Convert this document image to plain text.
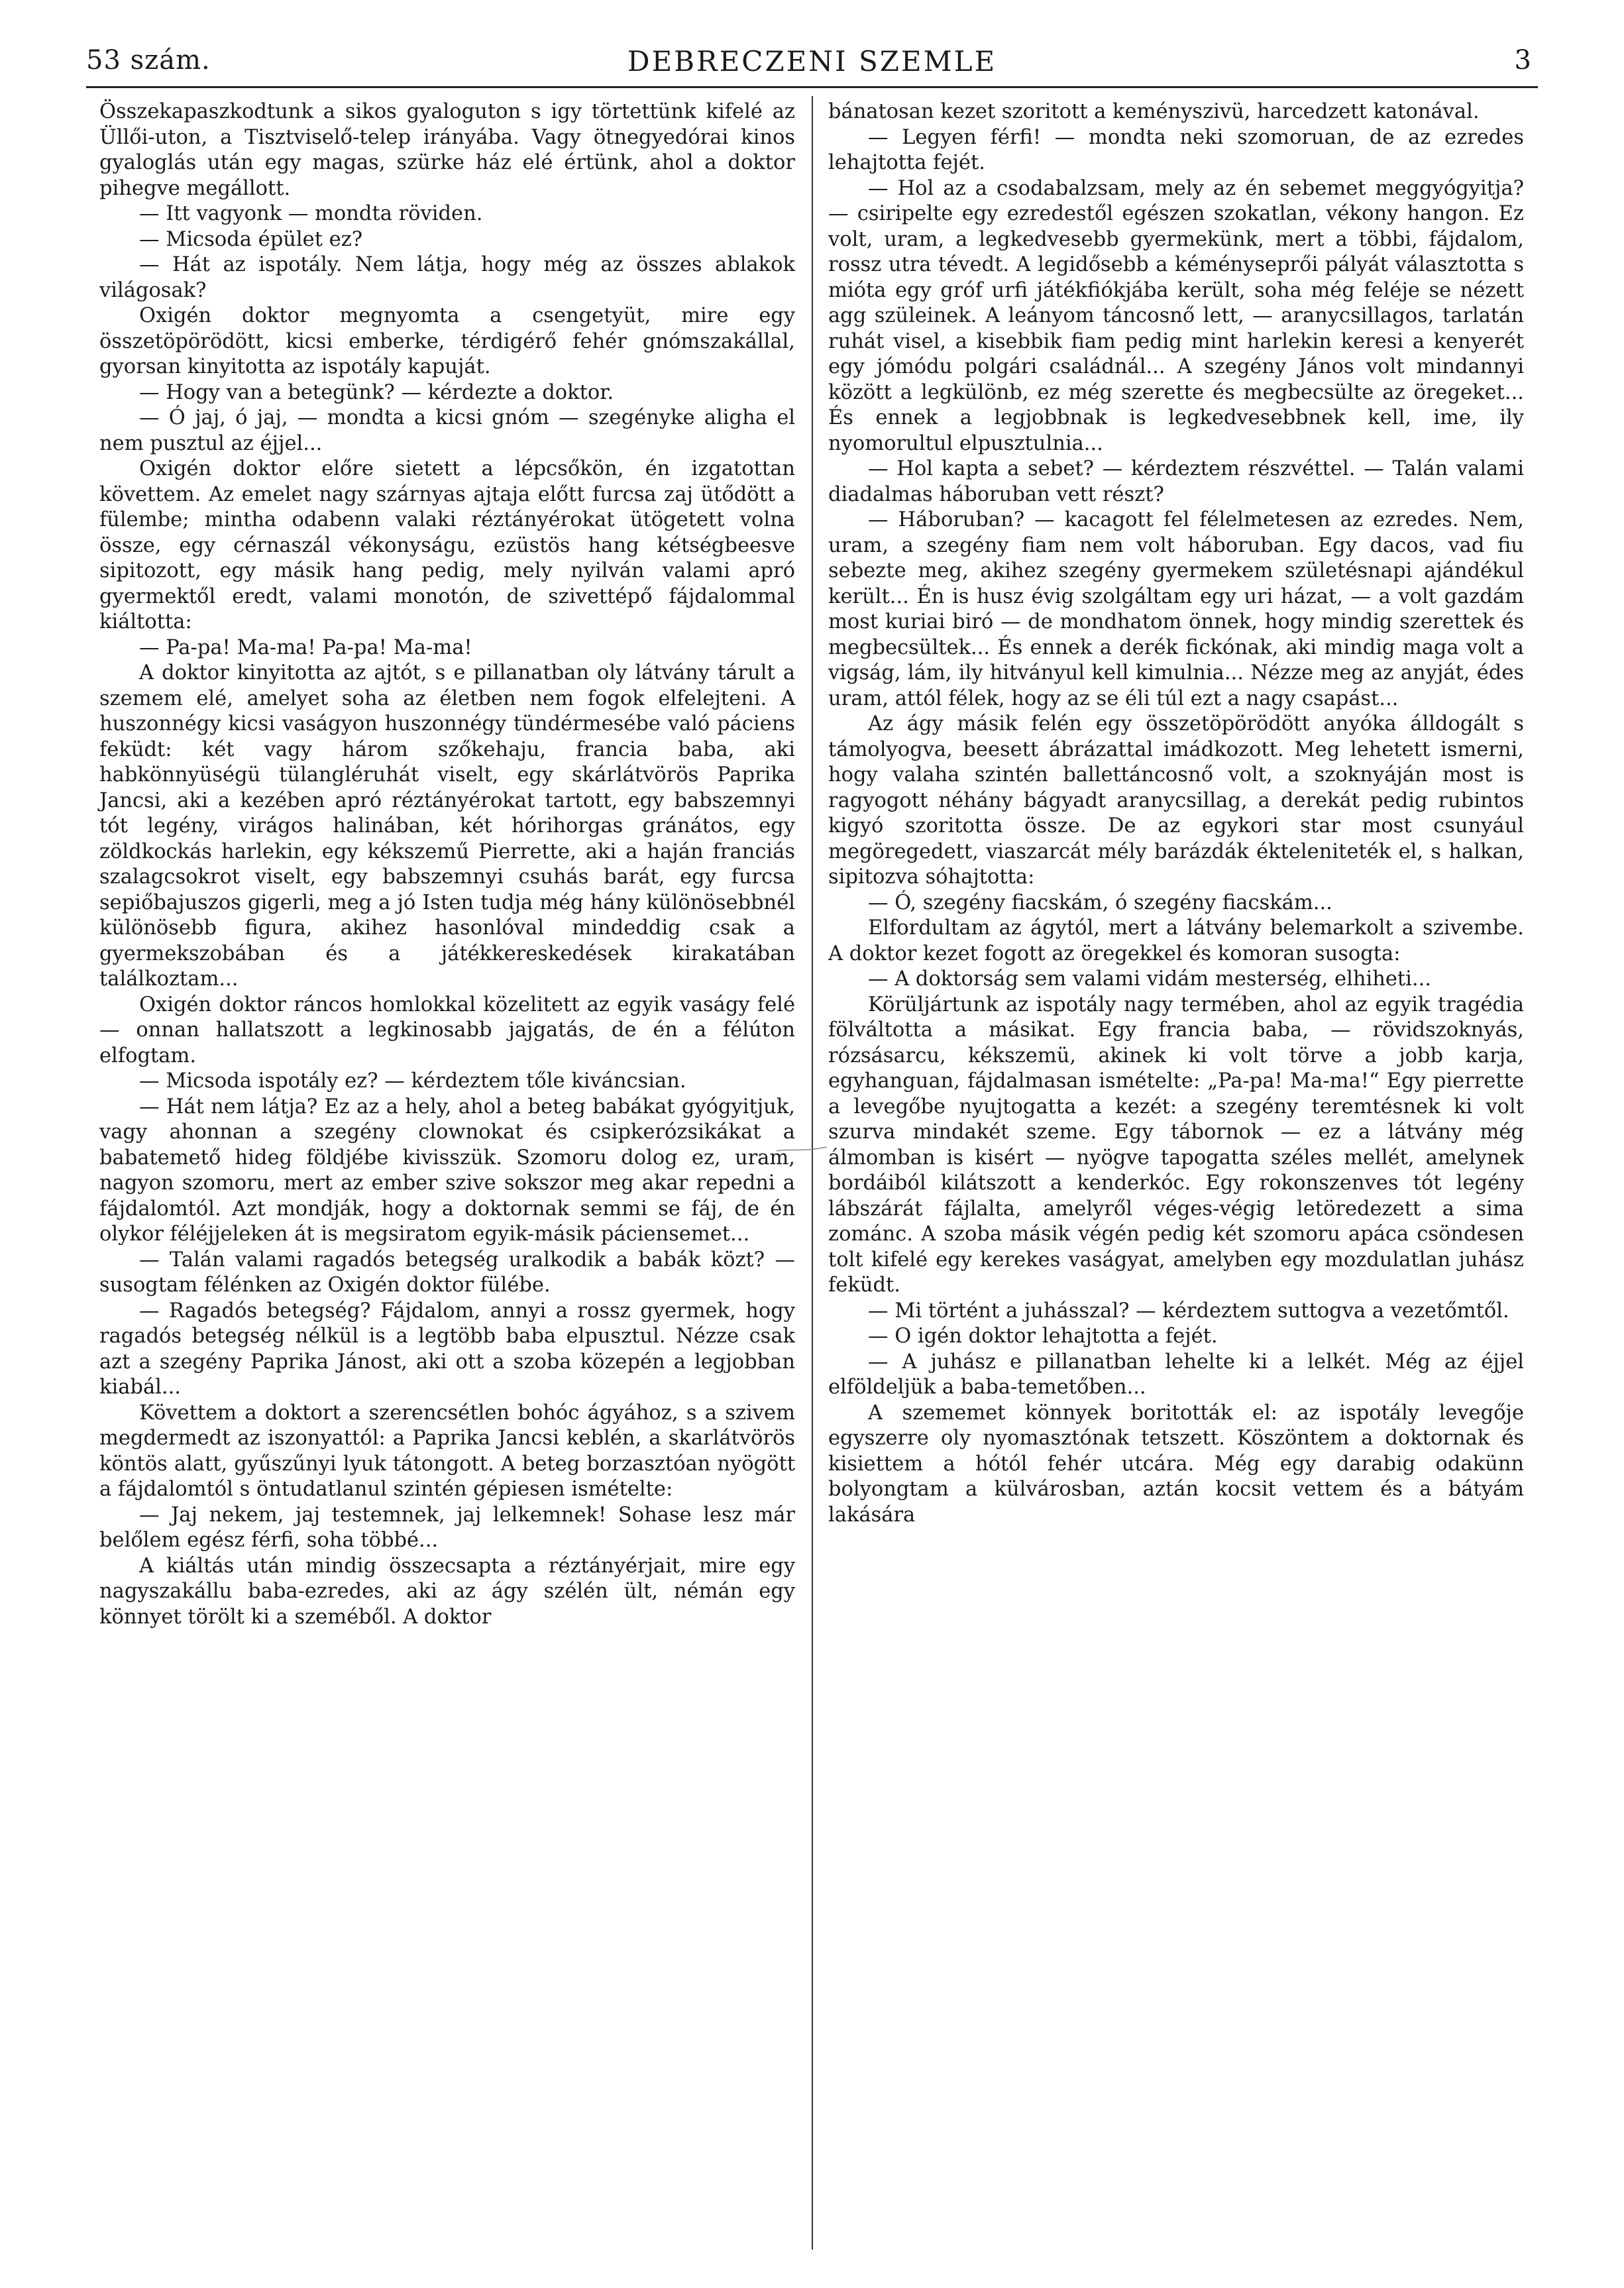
53 szám.	DEBRECZENI SZEMLE	3

Összekapaszkodtunk a sikos gyaloguton s igy törtettünk kifelé az Üllői-uton, a Tisztviselő-telep irányába. Vagy ötnegyedórai kinos gyaloglás után egy magas, szürke ház elé értünk, ahol a doktor pihegve megállott.

— Itt vagyonk — mondta röviden.

— Micsoda épület ez?

— Hát az ispotály. Nem látja, hogy még az összes ablakok világosak?

Oxigén doktor megnyomta a csengetyüt, mire egy összetöpörödött, kicsi emberke, térdigérő fehér gnómszakállal, gyorsan kinyitotta az ispotály kapuját.

— Hogy van a betegünk? — kérdezte a doktor.

— Ó jaj, ó jaj, — mondta a kicsi gnóm — szegényke aligha el nem pusztul az éjjel...

Oxigén doktor előre sietett a lépcsőkön, én izgatottan követtem. Az emelet nagy szárnyas ajtaja előtt furcsa zaj ütődött a fülembe; mintha odabenn valaki réztányérokat ütögetett volna össze, egy cérnaszál vékonyságu, ezüstös hang kétségbeesve sipitozott, egy másik hang pedig, mely nyilván valami apró gyermektől eredt, valami monotón, de szivettépő fájdalommal kiáltotta:

— Pa-pa! Ma-ma! Pa-pa! Ma-ma!

A doktor kinyitotta az ajtót, s e pillanatban oly látvány tárult a szemem elé, amelyet soha az életben nem fogok elfelejteni. A huszonnégy kicsi vaságyon huszonnégy tündérmesébe való páciens feküdt: két vagy három szőkehaju, francia baba, aki habkönnyüségü tülangléruhát viselt, egy skárlátvörös Paprika Jancsi, aki a kezében apró réztányérokat tartott, egy babszemnyi tót legény, virágos halinában, két hórihorgas gránátos, egy zöldkockás harlekin, egy kékszemű Pierrette, aki a haján franciás szalagcsokrot viselt, egy babszemnyi csuhás barát, egy furcsa sepiőbajuszos gigerli, meg a jó Isten tudja még hány különösebbnél különösebb figura, akihez hasonlóval mindeddig csak a gyermekszobában és a játékkereskedések kirakatában találkoztam...

Oxigén doktor ráncos homlokkal közelitett az egyik vaságy felé — onnan hallatszott a legkinosabb jajgatás, de én a félúton elfogtam.

— Micsoda ispotály ez? — kérdeztem tőle kiváncsian.

— Hát nem látja? Ez az a hely, ahol a beteg babákat gyógyitjuk, vagy ahonnan a szegény clownokat és csipkerózsikákat a babatemető hideg földjébe kivisszük. Szomoru dolog ez, uram, nagyon szomoru, mert az ember szive sokszor meg akar repedni a fájdalomtól. Azt mondják, hogy a doktornak semmi se fáj, de én olykor féléjjeleken át is megsiratom egyik-másik páciensemet...

— Talán valami ragadós betegség uralkodik a babák közt? — susogtam félénken az Oxigén doktor fülébe.

— Ragadós betegség? Fájdalom, annyi a rossz gyermek, hogy ragadós betegség nélkül is a legtöbb baba elpusztul. Nézze csak azt a szegény Paprika Jánost, aki ott a szoba közepén a legjobban kiabál...

Követtem a doktort a szerencsétlen bohóc ágyához, s a szivem megdermedt az iszonyattól: a Paprika Jancsi keblén, a skarlátvörös köntös alatt, gyűszűnyi lyuk tátongott. A beteg borzasztóan nyögött a fájdalomtól s öntudatlanul szintén gépiesen ismételte:

— Jaj nekem, jaj testemnek, jaj lelkemnek! Sohase lesz már belőlem egész férfi, soha többé...

A kiáltás után mindig összecsapta a réztányérjait, mire egy nagyszakállu baba-ezredes, aki az ágy szélén ült, némán egy könnyet törölt ki a szeméből. A doktor

bánatosan kezet szoritott a keményszivü, harcedzett katonával.

— Legyen férfi! — mondta neki szomoruan, de az ezredes lehajtotta fejét.

— Hol az a csodabalzsam, mely az én sebemet meggyógyitja? — csiripelte egy ezredestől egészen szokatlan, vékony hangon. Ez volt, uram, a legkedvesebb gyermekünk, mert a többi, fájdalom, rossz utra tévedt. A legidősebb a kéményseprői pályát választotta s mióta egy gróf urfi játékfiókjába került, soha még feléje se nézett agg szüleinek. A leányom táncosnő lett, — aranycsillagos, tarlatán ruhát visel, a kisebbik fiam pedig mint harlekin keresi a kenyerét egy jómódu polgári családnál... A szegény János volt mindannyi között a legkülönb, ez még szerette és megbecsülte az öregeket... És ennek a legjobbnak is legkedvesebbnek kell, ime, ily nyomorultul elpusztulnia...

— Hol kapta a sebet? — kérdeztem részvéttel. — Talán valami diadalmas háboruban vett részt?

— Háboruban? — kacagott fel félelmetesen az ezredes. Nem, uram, a szegény fiam nem volt háboruban. Egy dacos, vad fiu sebezte meg, akihez szegény gyermekem születésnapi ajándékul került... Én is husz évig szolgáltam egy uri házat, — a volt gazdám most kuriai biró — de mondhatom önnek, hogy mindig szerettek és megbecsültek... És ennek a derék fickónak, aki mindig maga volt a vigság, lám, ily hitványul kell kimulnia... Nézze meg az anyját, édes uram, attól félek, hogy az se éli túl ezt a nagy csapást...

Az ágy másik felén egy összetöpörödött anyóka álldogált s támolyogva, beesett ábrázattal imádkozott. Meg lehetett ismerni, hogy valaha szintén ballettáncosnő volt, a szoknyáján most is ragyogott néhány bágyadt aranycsillag, a derekát pedig rubintos kigyó szoritotta össze. De az egykori star most csunyául megöregedett, viaszarcát mély barázdák ékteleniteték el, s halkan, sipitozva sóhajtotta:

— Ó, szegény fiacskám, ó szegény fiacskám...

Elfordultam az ágytól, mert a látvány belemarkolt a szivembe. A doktor kezet fogott az öregekkel és komoran susogta:

— A doktorság sem valami vidám mesterség, elhiheti...

Körüljártunk az ispotály nagy termében, ahol az egyik tragédia fölváltotta a másikat. Egy francia baba, — rövidszoknyás, rózsásarcu, kékszemü, akinek ki volt törve a jobb karja, egyhanguan, fájdalmasan ismételte: „Pa-pa! Ma-ma!“ Egy pierrette a levegőbe nyujtogatta a kezét: a szegény teremtésnek ki volt szurva mindakét szeme. Egy tábornok — ez a látvány még álmomban is kisért — nyögve tapogatta széles mellét, amelynek bordáiból kilátszott a kenderkóc. Egy rokonszenves tót legény lábszárát fájlalta, amelyről véges-végig letöredezett a sima zománc. A szoba másik végén pedig két szomoru apáca csöndesen tolt kifelé egy kerekes vaságyat, amelyben egy mozdulatlan juhász feküdt.

— Mi történt a juhásszal? — kérdeztem suttogva a vezetőmtől.

— O igén doktor lehajtotta a fejét.

— A juhász e pillanatban lehelte ki a lelkét. Még az éjjel elföldeljük a baba-temetőben...

A szememet könnyek boritották el: az ispotály levegője egyszerre oly nyomasztónak tetszett. Köszöntem a doktornak és kisiettem a hótól fehér utcára. Még egy darabig odakünn bolyongtam a külvárosban, aztán kocsit vettem és a bátyám lakására
